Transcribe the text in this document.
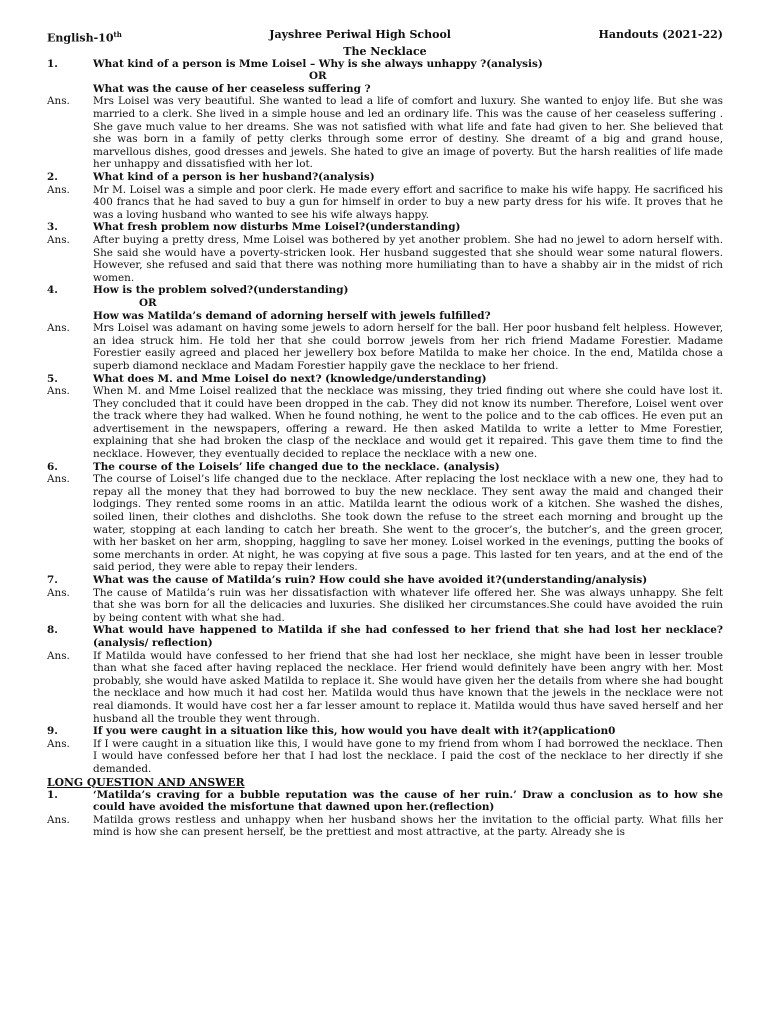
English-10th	Jayshree Periwal High School	Handouts (2021-22)
The Necklace
1.	What kind of a person is Mme Loisel – Why is she always unhappy ?(analysis)
OR
What was the cause of her ceaseless suffering ?
Ans.	Mrs Loisel was very beautiful. She wanted to lead a life of comfort and luxury. She wanted to enjoy life. But she was married to a clerk. She lived in a simple house and led an ordinary life. This was the cause of her ceaseless suffering . She gave much value to her dreams. She was not satisfied with what life and fate had given to her. She believed that she was born in a family of petty clerks through some error of destiny. She dreamt of a big and grand house, marvellous dishes, good dresses and jewels. She hated to give an image of poverty. But the harsh realities of life made her unhappy and dissatisfied with her lot.
2.	What kind of a person is her husband?(analysis)
Ans.	Mr M. Loisel was a simple and poor clerk. He made every effort and sacrifice to make his wife happy. He sacrificed his 400 francs that he had saved to buy a gun for himself in order to buy a new party dress for his wife. It proves that he was a loving husband who wanted to see his wife always happy.
3.	What fresh problem now disturbs Mme Loisel?(understanding)
Ans.	After buying a pretty dress, Mme Loisel was bothered by yet another problem. She had no jewel to adorn herself with. She said she would have a poverty-stricken look. Her husband suggested that she should wear some natural flowers. However, she refused and said that there was nothing more humiliating than to have a shabby air in the midst of rich women.
4.	How is the problem solved?(understanding)
OR
How was Matilda’s demand of adorning herself with jewels fulfilled?
Ans.	Mrs Loisel was adamant on having some jewels to adorn herself for the ball. Her poor husband felt helpless. However, an idea struck him. He told her that she could borrow jewels from her rich friend Madame Forestier. Madame Forestier easily agreed and placed her jewellery box before Matilda to make her choice. In the end, Matilda chose a superb diamond necklace and Madam Forestier happily gave the necklace to her friend.
5.	What does M. and Mme Loisel do next? (knowledge/understanding)
Ans.	When M. and Mme Loisel realized that the necklace was missing, they tried finding out where she could have lost it. They concluded that it could have been dropped in the cab. They did not know its number. Therefore, Loisel went over the track where they had walked. When he found nothing, he went to the police and to the cab offices. He even put an advertisement in the newspapers, offering a reward. He then asked Matilda to write a letter to Mme Forestier, explaining that she had broken the clasp of the necklace and would get it repaired. This gave them time to find the necklace. However, they eventually decided to replace the necklace with a new one.
6.	The course of the Loisels’ life changed due to the necklace. (analysis)
Ans.	The course of Loisel’s life changed due to the necklace. After replacing the lost necklace with a new one, they had to repay all the money that they had borrowed to buy the new necklace. They sent away the maid and changed their lodgings. They rented some rooms in an attic. Matilda learnt the odious work of a kitchen. She washed the dishes, soiled linen, their clothes and dishcloths. She took down the refuse to the street each morning and brought up the water, stopping at each landing to catch her breath. She went to the grocer’s, the butcher’s, and the green grocer, with her basket on her arm, shopping, haggling to save her money. Loisel worked in the evenings, putting the books of some merchants in order. At night, he was copying at five sous a page. This lasted for ten years, and at the end of the said period, they were able to repay their lenders.
7.	What was the cause of Matilda’s ruin? How could she have avoided it?(understanding/analysis)
Ans.	The cause of Matilda’s ruin was her dissatisfaction with whatever life offered her. She was always unhappy. She felt that she was born for all the delicacies and luxuries. She disliked her circumstances.She could have avoided the ruin by being content with what she had.
8.	What would have happened to Matilda if she had confessed to her friend that she had lost her necklace? (analysis/ reflection)
Ans.	If Matilda would have confessed to her friend that she had lost her necklace, she might have been in lesser trouble than what she faced after having replaced the necklace. Her friend would definitely have been angry with her. Most probably, she would have asked Matilda to replace it. She would have given her the details from where she had bought the necklace and how much it had cost her. Matilda would thus have known that the jewels in the necklace were not real diamonds. It would have cost her a far lesser amount to replace it. Matilda would thus have saved herself and her husband all the trouble they went through.
9.	If you were caught in a situation like this, how would you have dealt with it?(application0
Ans.	If I were caught in a situation like this, I would have gone to my friend from whom I had borrowed the necklace. Then I would have confessed before her that I had lost the necklace. I paid the cost of the necklace to her directly if she demanded.
LONG QUESTION AND ANSWER
1.	‘Matilda’s craving for a bubble reputation was the cause of her ruin.’ Draw a conclusion as to how she could have avoided the misfortune that dawned upon her.(reflection)
Ans.	Matilda grows restless and unhappy when her husband shows her the invitation to the official party. What fills her mind is how she can present herself, be the prettiest and most attractive, at the party. Already she is
